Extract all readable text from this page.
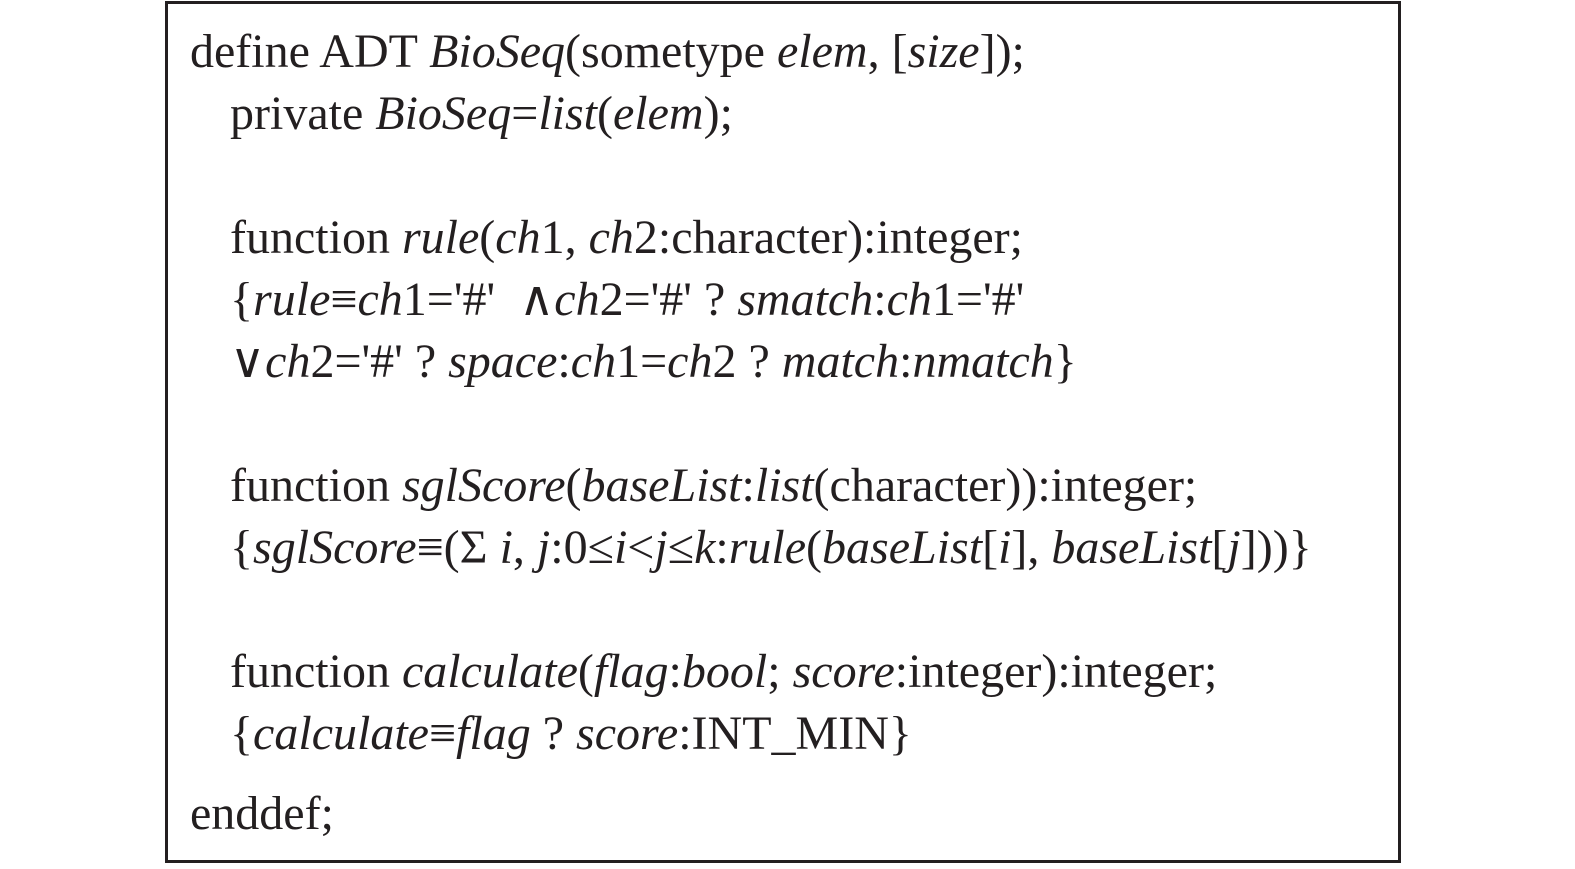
define ADT BioSeq(sometype elem, [size]);
private BioSeq=list(elem);
function rule(ch1, ch2:character):integer;
{rule≡ch1='#'  ∧ch2='#' ? smatch:ch1='#'
∨ch2='#' ? space:ch1=ch2 ? match:nmatch}
function sglScore(baseList:list(character)):integer;
{sglScore≡(Σ i, j:0≤i<j≤k:rule(baseList[i], baseList[j]))}
function calculate(flag:bool; score:integer):integer;
{calculate≡flag ? score:INT_MIN}
enddef;
